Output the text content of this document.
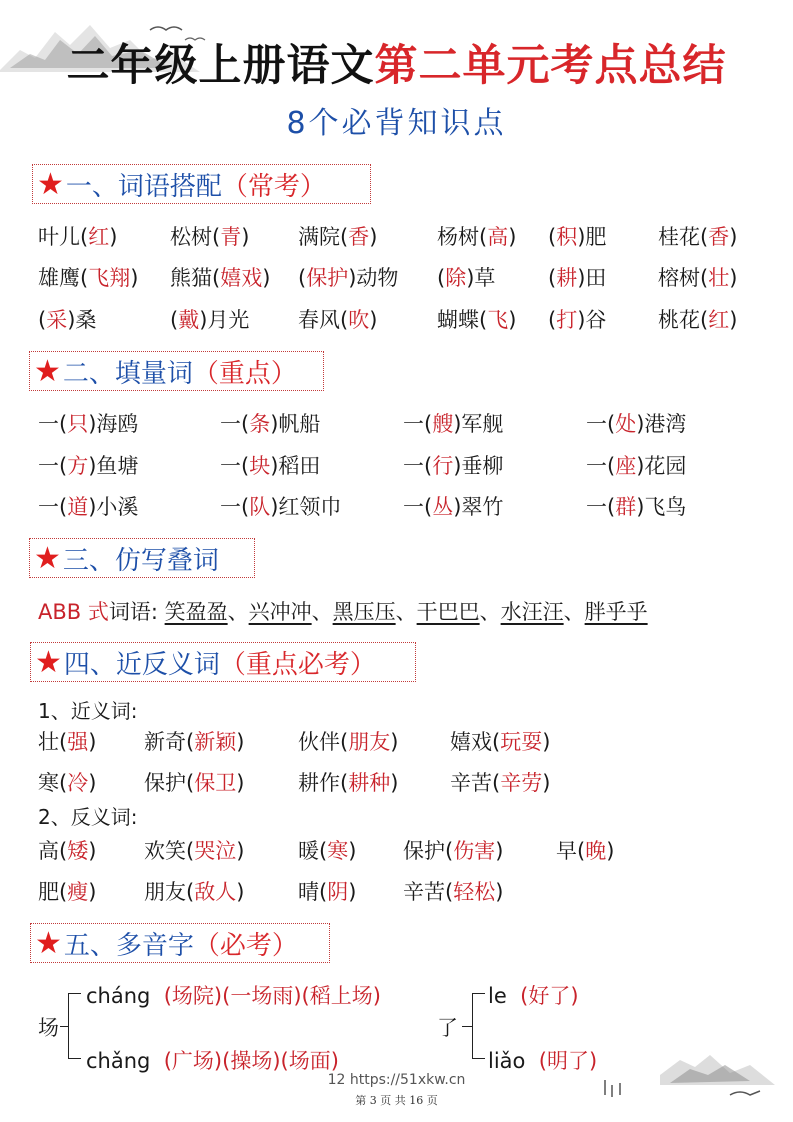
二年级上册语文第二单元考点总结
8个必背知识点
★ 一、词语搭配 （常考）
叶儿(红)	松树(青) 满院(香)	杨树(高) (积)肥 桂花(香)
雄鹰(飞翔) 熊猫(嬉戏) (保护)动物 (除)草	(耕)田 榕树(壮)
(采)桑	(戴)月光 春风(吹)	蝴蝶(飞) (打)谷 桃花(红)
★ 二、填量词 （重点）
一(只)海鸥	一(条)帆船	一(艘)军舰	一(处)港湾
一(方)鱼塘	一(块)稻田	一(行)垂柳	一(座)花园
一(道)小溪	一(队)红领巾	一(丛)翠竹	一(群)飞鸟
★ 三、仿写叠词
ABB 式词语: 笑盈盈、兴冲冲、黑压压、干巴巴、水汪汪、胖乎乎
★ 四、近反义词 （重点必考）
1、近义词:
壮(强) 新奇(新颖)	伙伴(朋友) 嬉戏(玩耍)
寒(冷) 保护(保卫)	耕作(耕种) 辛苦(辛劳)
2、反义词:
高(矮) 欢笑(哭泣)	暖(寒) 保护(伤害)	早(晚)
肥(瘦) 朋友(敌人)	晴(阴) 辛苦(轻松)
★ 五、多音字 （必考）
场
cháng (场院)(一场雨)(稻上场)
chǎng (广场)(操场)(场面)
了
le (好了)
liǎo (明了)
12 https://51xkw.cn
第 3 页 共 16 页
